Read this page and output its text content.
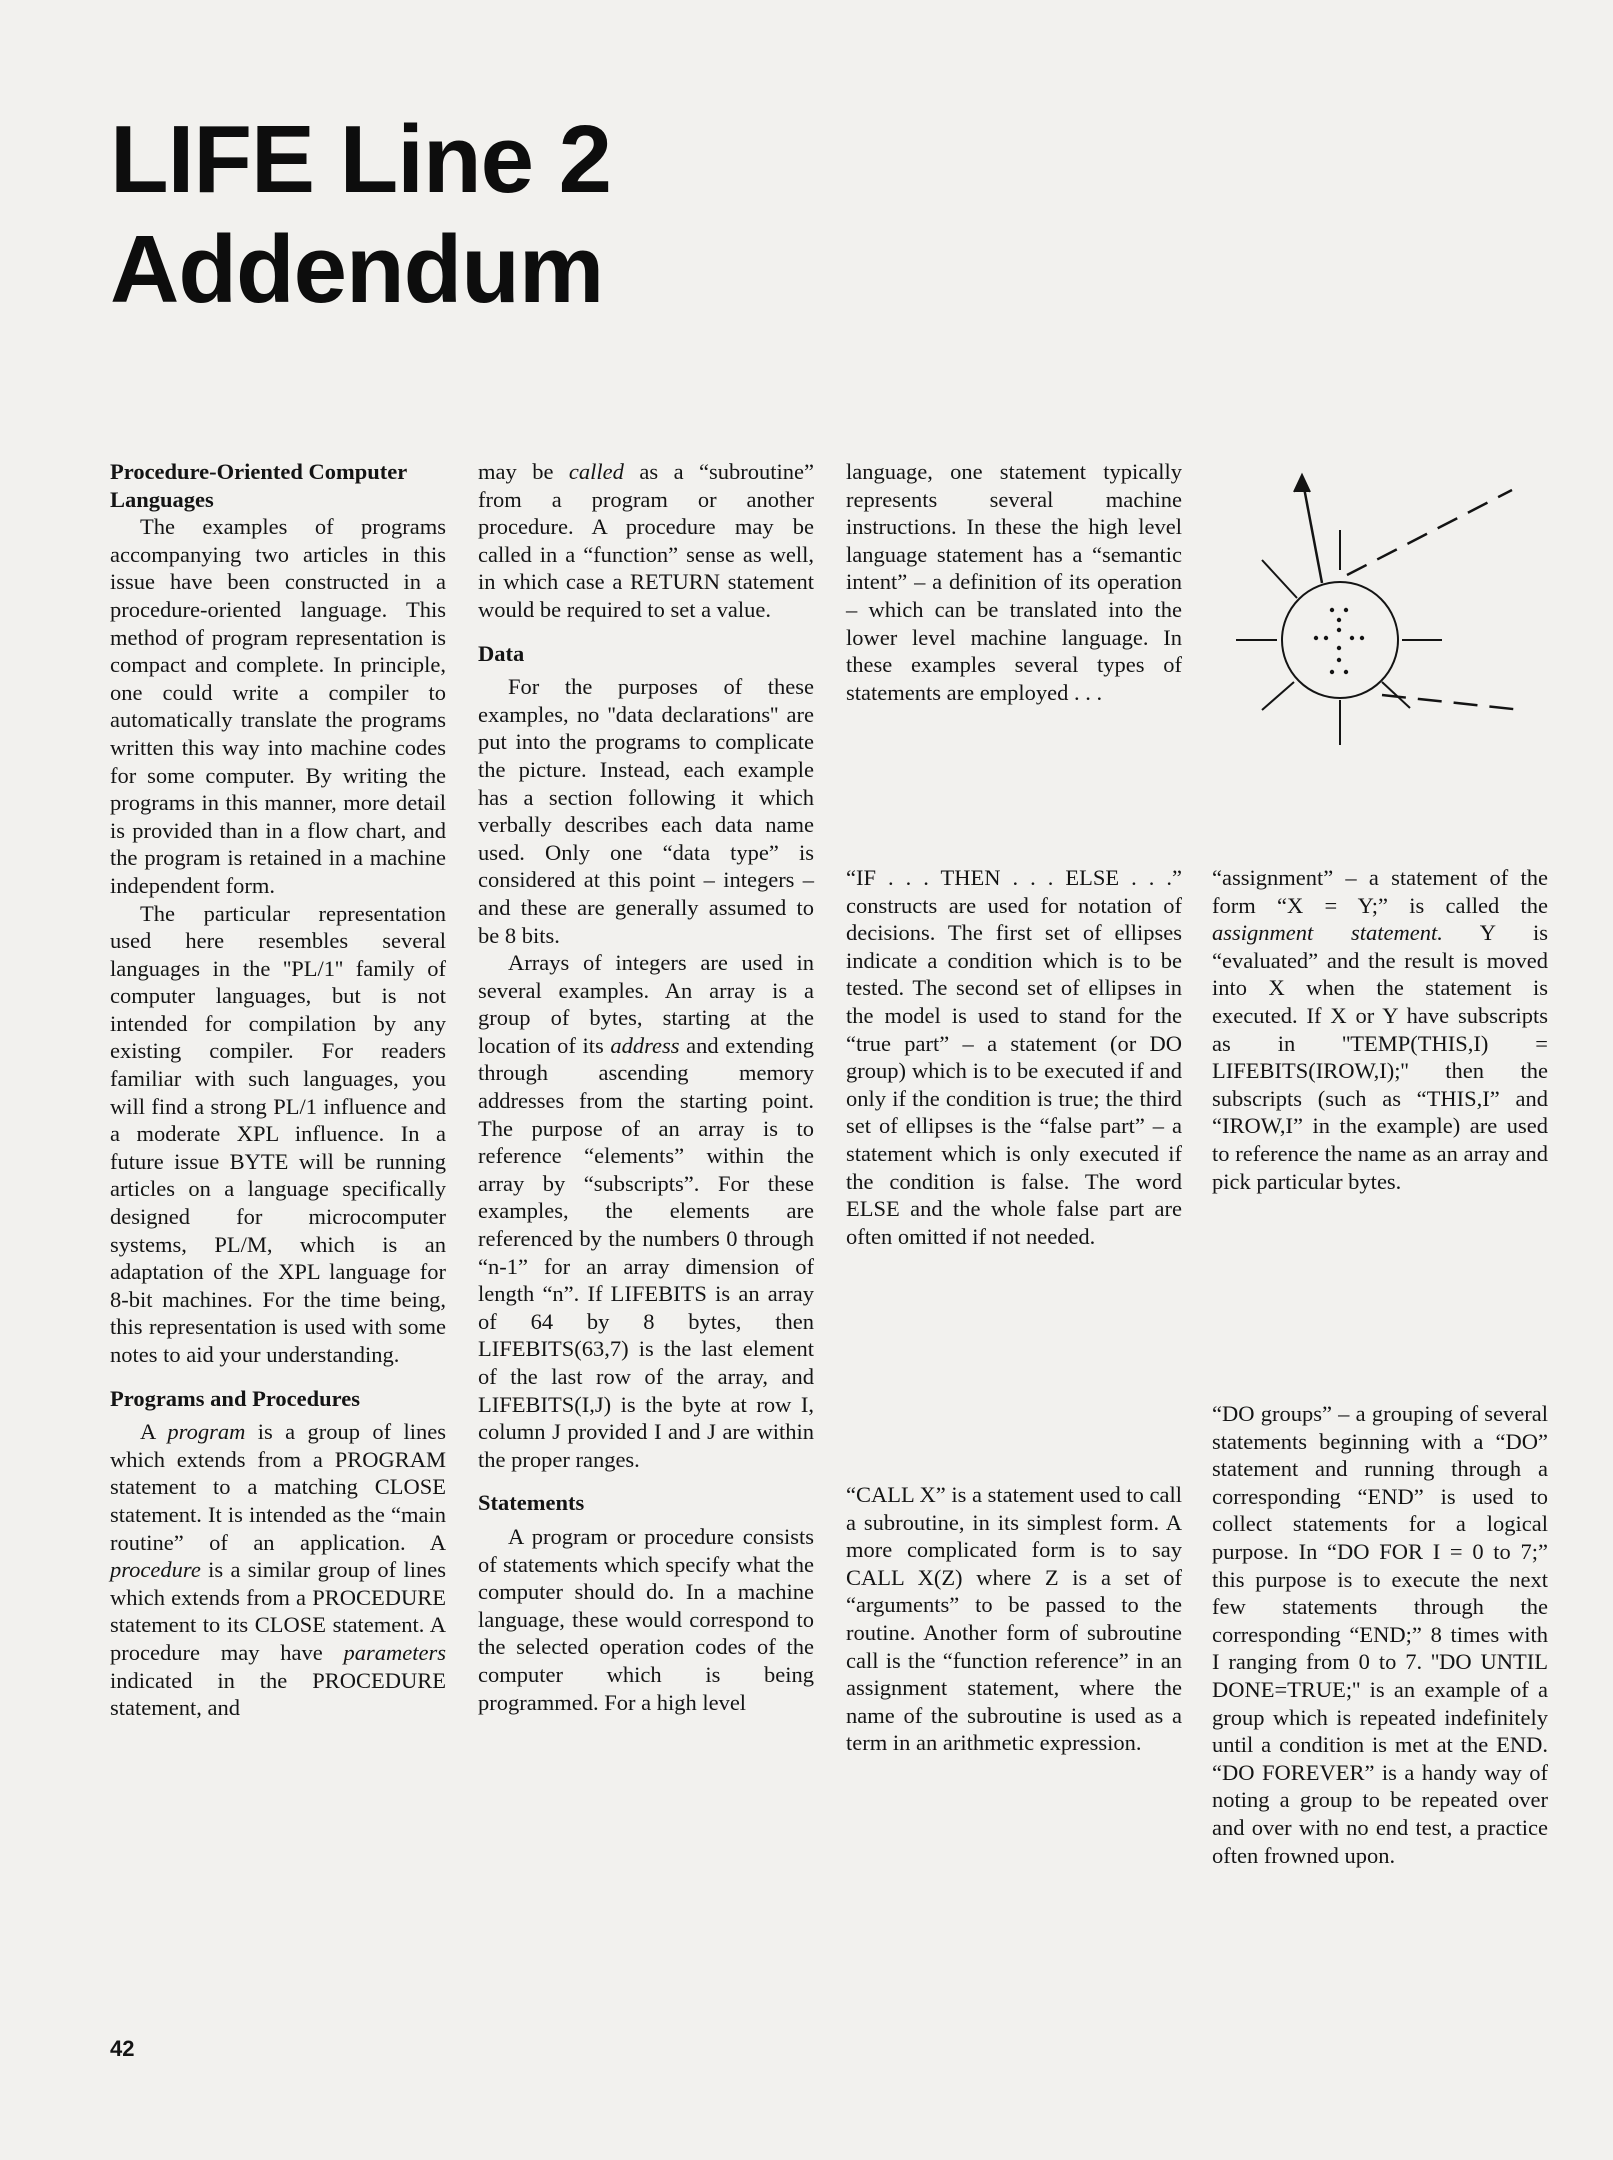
LIFE Line 2
Addendum
Procedure-Oriented Computer Languages

The examples of programs accompanying two articles in this issue have been constructed in a procedure-oriented language. This method of program representation is compact and complete. In principle, one could write a compiler to automatically translate the programs written this way into machine codes for some computer. By writing the programs in this manner, more detail is provided than in a flow chart, and the program is retained in a machine independent form.

The particular representation used here resembles several languages in the ''PL/1'' family of computer languages, but is not intended for compilation by any existing compiler. For readers familiar with such languages, you will find a strong PL/1 influence and a moderate XPL influence. In a future issue BYTE will be running articles on a language specifically designed for microcomputer systems, PL/M, which is an adaptation of the XPL language for 8-bit machines. For the time being, this representation is used with some notes to aid your understanding.

Programs and Procedures

A program is a group of lines which extends from a PROGRAM statement to a matching CLOSE statement. It is intended as the “main routine” of an application. A procedure is a similar group of lines which extends from a PROCEDURE statement to its CLOSE statement. A procedure may have parameters indicated in the PROCEDURE statement, and

may be called as a “subroutine” from a program or another procedure. A procedure may be called in a “function” sense as well, in which case a RETURN statement would be required to set a value.

Data

For the purposes of these examples, no ''data declarations'' are put into the programs to complicate the picture. Instead, each example has a section following it which verbally describes each data name used. Only one “data type” is considered at this point – integers – and these are generally assumed to be 8 bits.

Arrays of integers are used in several examples. An array is a group of bytes, starting at the location of its address and extending through ascending memory addresses from the starting point. The purpose of an array is to reference “elements” within the array by “subscripts”. For these examples, the elements are referenced by the numbers 0 through “n-1” for an array dimension of length “n”. If LIFEBITS is an array of 64 by 8 bytes, then LIFEBITS(63,7) is the last element of the last row of the array, and LIFEBITS(I,J) is the byte at row I, column J provided I and J are within the proper ranges.

Statements

A program or procedure consists of statements which specify what the computer should do. In a machine language, these would correspond to the selected operation codes of the computer which is being programmed. For a high level

language, one statement typically represents several machine instructions. In these the high level language statement has a “semantic intent” – a definition of its operation – which can be translated into the lower level machine language. In these examples several types of statements are employed . . .

“IF . . . THEN . . . ELSE . . .” constructs are used for notation of decisions. The first set of ellipses indicate a condition which is to be tested. The second set of ellipses in the model is used to stand for the “true part” – a statement (or DO group) which is to be executed if and only if the condition is true; the third set of ellipses is the “false part” – a statement which is only executed if the condition is false. The word ELSE and the whole false part are often omitted if not needed.

“CALL X” is a statement used to call a subroutine, in its simplest form. A more complicated form is to say CALL X(Z) where Z is a set of “arguments” to be passed to the routine. Another form of subroutine call is the “function reference” in an assignment statement, where the name of the subroutine is used as a term in an arithmetic expression.

“assignment” – a statement of the form “X = Y;” is called the assignment statement. Y is “evaluated” and the result is moved into X when the statement is executed. If X or Y have subscripts as in ''TEMP(THIS,I) = LIFEBITS(IROW,I);'' then the subscripts (such as “THIS,I” and “IROW,I” in the example) are used to reference the name as an array and pick particular bytes.

“DO groups” – a grouping of several statements beginning with a “DO” statement and running through a corresponding “END” is used to collect statements for a logical purpose. In “DO FOR I = 0 to 7;” this purpose is to execute the next few statements through the corresponding “END;” 8 times with I ranging from 0 to 7. ''DO UNTIL DONE=TRUE;'' is an example of a group which is repeated indefinitely until a condition is met at the END. “DO FOREVER” is a handy way of noting a group to be repeated over and over with no end test, a practice often frowned upon.

42
